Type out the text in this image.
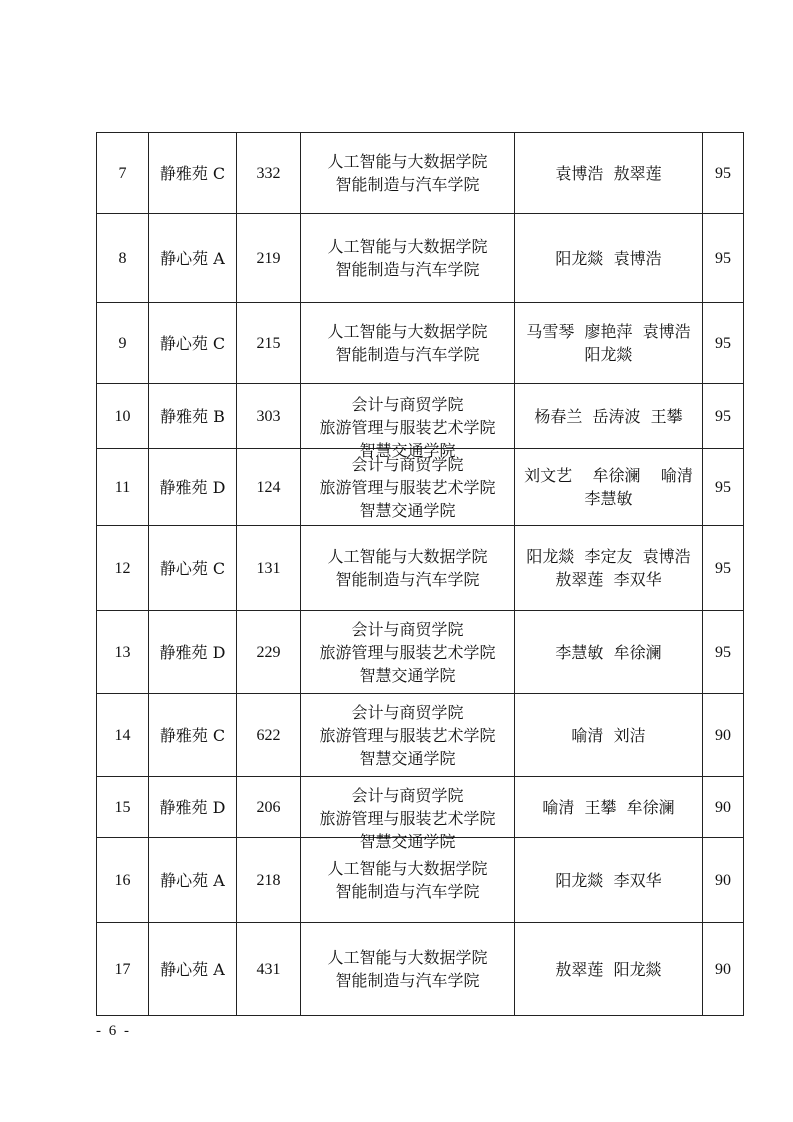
7	静雅苑 C	332	人工智能与大数据学院
智能制造与汽车学院	袁博浩  敖翠莲	95
8	静心苑 A	219	人工智能与大数据学院
智能制造与汽车学院	阳龙燚  袁博浩	95
9	静心苑 C	215	人工智能与大数据学院
智能制造与汽车学院	马雪琴  廖艳萍  袁博浩
阳龙燚	95
10	静雅苑 B	303	会计与商贸学院
旅游管理与服装艺术学院
智慧交通学院	杨春兰  岳涛波  王攀	95
11	静雅苑 D	124	会计与商贸学院
旅游管理与服装艺术学院
智慧交通学院	刘文艺    牟徐澜    喻清
李慧敏	95
12	静心苑 C	131	人工智能与大数据学院
智能制造与汽车学院	阳龙燚  李定友  袁博浩
敖翠莲  李双华	95
13	静雅苑 D	229	会计与商贸学院
旅游管理与服装艺术学院
智慧交通学院	李慧敏  牟徐澜	95
14	静雅苑 C	622	会计与商贸学院
旅游管理与服装艺术学院
智慧交通学院	喻清  刘洁	90
15	静雅苑 D	206	会计与商贸学院
旅游管理与服装艺术学院
智慧交通学院	喻清  王攀  牟徐澜	90
16	静心苑 A	218	人工智能与大数据学院
智能制造与汽车学院	阳龙燚  李双华	90
17	静心苑 A	431	人工智能与大数据学院
智能制造与汽车学院	敖翠莲  阳龙燚	90
- 6 -
